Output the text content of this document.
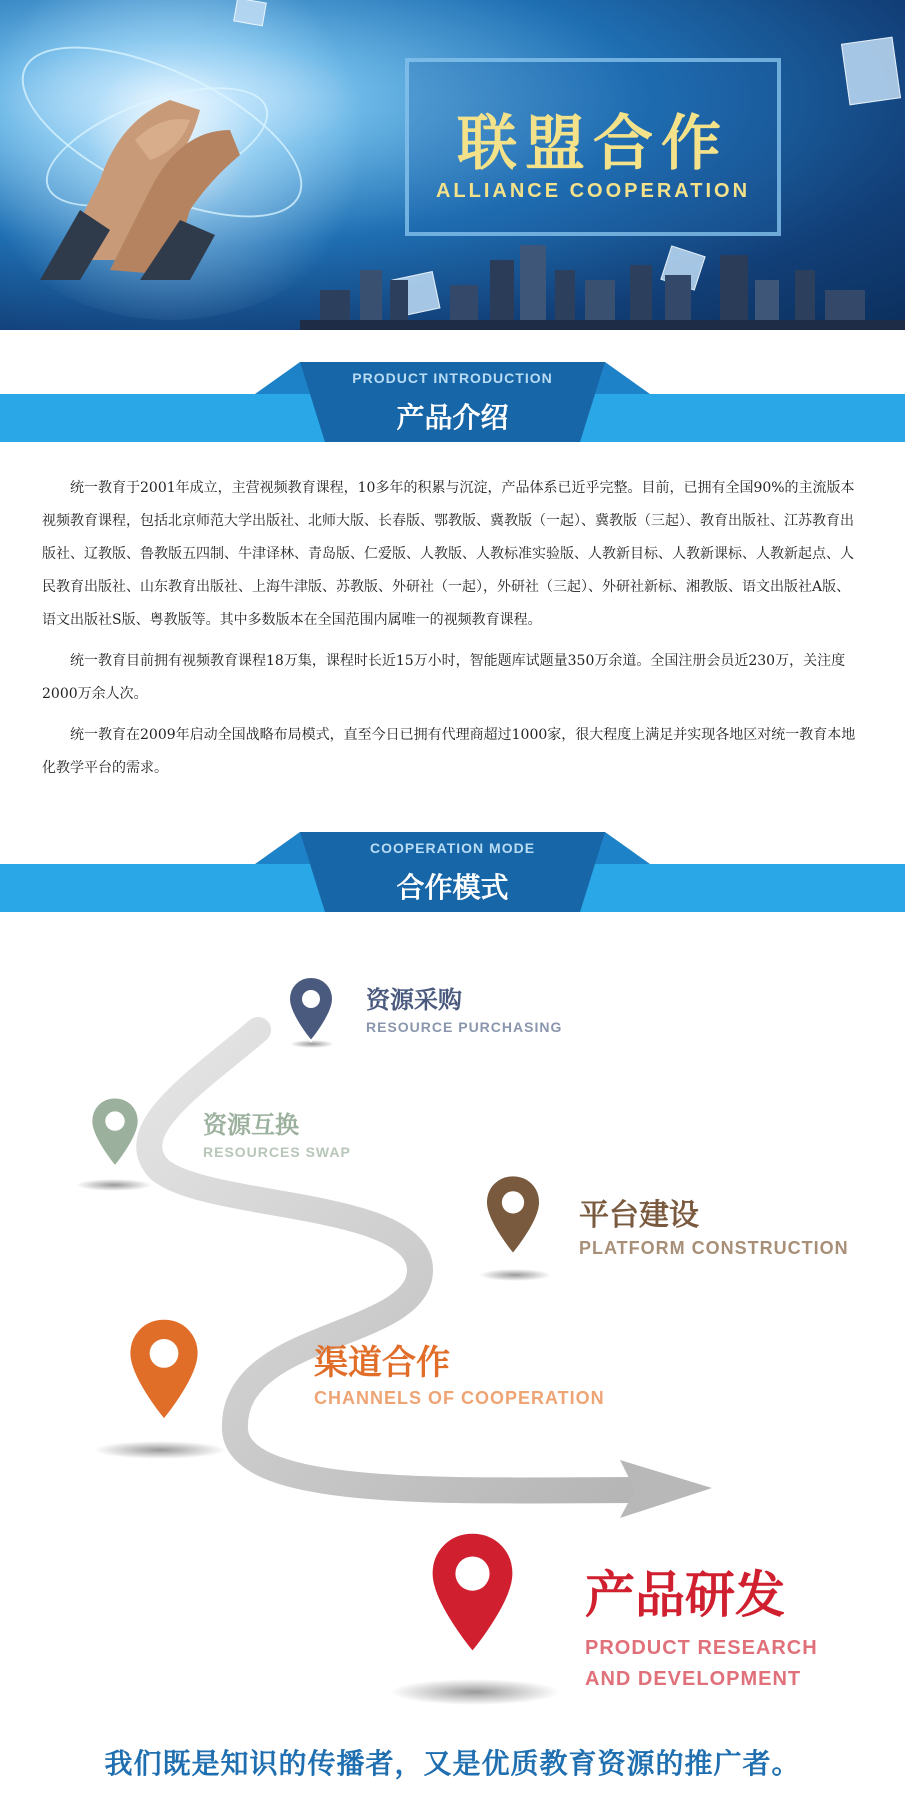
联盟合作
ALLIANCE COOPERATION
PRODUCT INTRODUCTION
产品介绍

统一教育于2001年成立，主营视频教育课程，10多年的积累与沉淀，产品体系已近乎完整。目前，已拥有全国90%的主流版本视频教育课程，包括北京师范大学出版社、北师大版、长春版、鄂教版、冀教版（一起）、冀教版（三起）、教育出版社、江苏教育出版社、辽教版、鲁教版五四制、牛津译林、青岛版、仁爱版、人教版、人教标准实验版、人教新目标、人教新课标、人教新起点、人民教育出版社、山东教育出版社、上海牛津版、苏教版、外研社（一起），外研社（三起）、外研社新标、湘教版、语文出版社A版、语文出版社S版、粤教版等。其中多数版本在全国范围内属唯一的视频教育课程。

统一教育目前拥有视频教育课程18万集，课程时长近15万小时，智能题库试题量350万余道。全国注册会员近230万，关注度2000万余人次。

统一教育在2009年启动全国战略布局模式，直至今日已拥有代理商超过1000家，很大程度上满足并实现各地区对统一教育本地化教学平台的需求。

COOPERATION MODE
合作模式
资源采购
RESOURCE PURCHASING
资源互换
RESOURCES SWAP
平台建设
PLATFORM CONSTRUCTION
渠道合作
CHANNELS OF COOPERATION
产品研发
PRODUCT RESEARCH
AND DEVELOPMENT
我们既是知识的传播者，又是优质教育资源的推广者。
